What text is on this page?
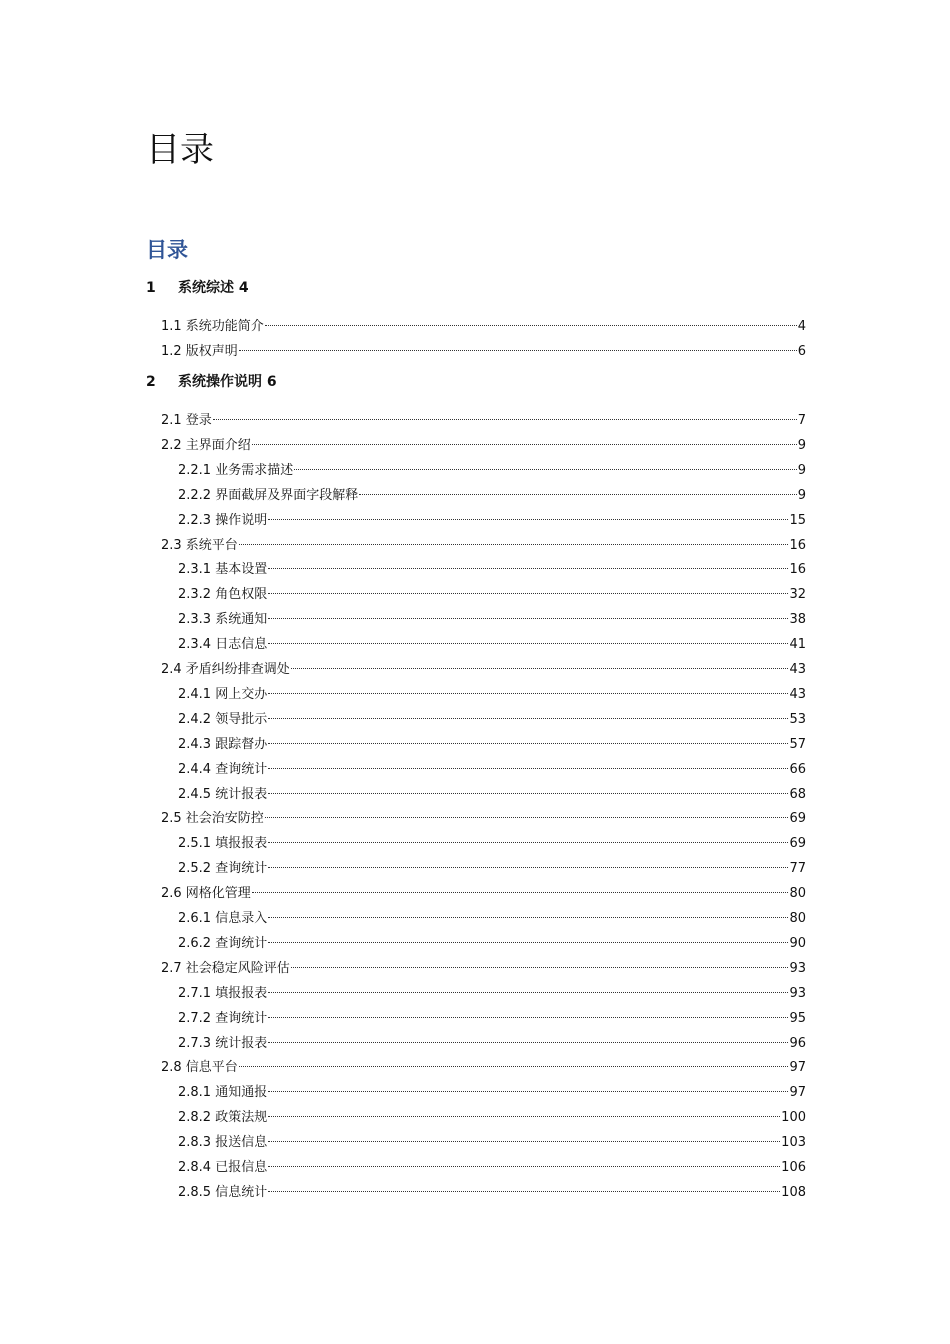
目录
目录
1	系统综述 4
1.1 系统功能简介	4
1.2 版权声明	6
2	系统操作说明 6
2.1 登录	7
2.2 主界面介绍	9
2.2.1 业务需求描述	9
2.2.2 界面截屏及界面字段解释	9
2.2.3 操作说明	15
2.3 系统平台	16
2.3.1 基本设置	16
2.3.2 角色权限	32
2.3.3 系统通知	38
2.3.4 日志信息	41
2.4 矛盾纠纷排查调处	43
2.4.1 网上交办	43
2.4.2 领导批示	53
2.4.3 跟踪督办	57
2.4.4 查询统计	66
2.4.5 统计报表	68
2.5 社会治安防控	69
2.5.1 填报报表	69
2.5.2 查询统计	77
2.6 网格化管理	80
2.6.1 信息录入	80
2.6.2 查询统计	90
2.7 社会稳定风险评估	93
2.7.1 填报报表	93
2.7.2 查询统计	95
2.7.3 统计报表	96
2.8 信息平台	97
2.8.1 通知通报	97
2.8.2 政策法规	100
2.8.3 报送信息	103
2.8.4 已报信息	106
2.8.5 信息统计	108
